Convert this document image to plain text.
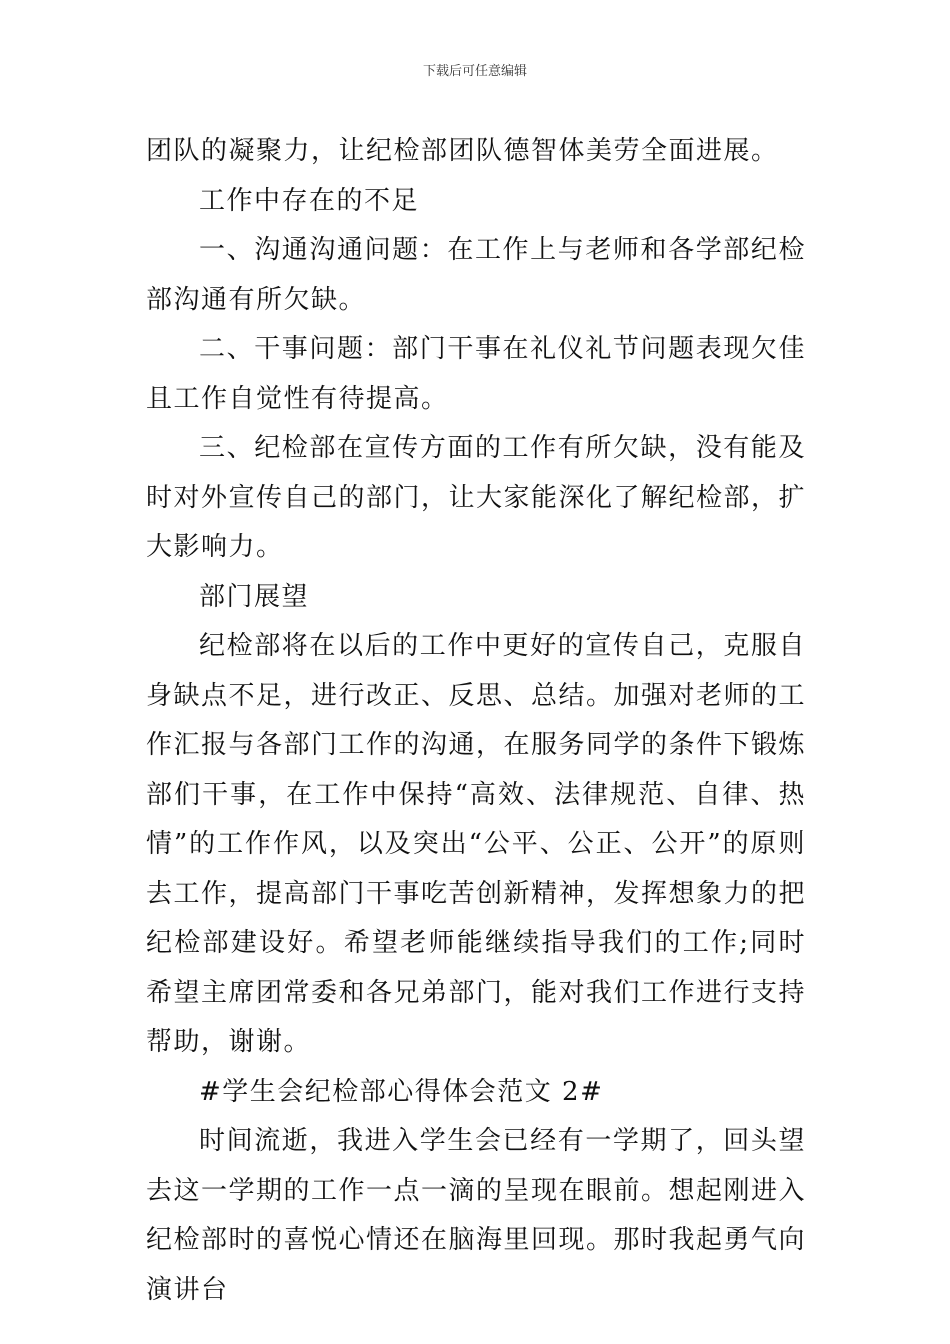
下载后可任意编辑

团队的凝聚力，让纪检部团队德智体美劳全面进展。

工作中存在的不足

一、沟通沟通问题：在工作上与老师和各学部纪检部沟通有所欠缺。

二、干事问题：部门干事在礼仪礼节问题表现欠佳且工作自觉性有待提高。

三、纪检部在宣传方面的工作有所欠缺，没有能及时对外宣传自己的部门，让大家能深化了解纪检部，扩大影响力。

部门展望

纪检部将在以后的工作中更好的宣传自己，克服自身缺点不足，进行改正、反思、总结。加强对老师的工作汇报与各部门工作的沟通，在服务同学的条件下锻炼部们干事，在工作中保持“高效、法律规范、自律、热情”的工作作风，以及突出“公平、公正、公开”的原则去工作，提高部门干事吃苦创新精神，发挥想象力的把纪检部建设好。希望老师能继续指导我们的工作;同时希望主席团常委和各兄弟部门，能对我们工作进行支持帮助，谢谢。

#学生会纪检部心得体会范文 2#

时间流逝，我进入学生会已经有一学期了，回头望去这一学期的工作一点一滴的呈现在眼前。想起刚进入纪检部时的喜悦心情还在脑海里回现。那时我起勇气向演讲台
